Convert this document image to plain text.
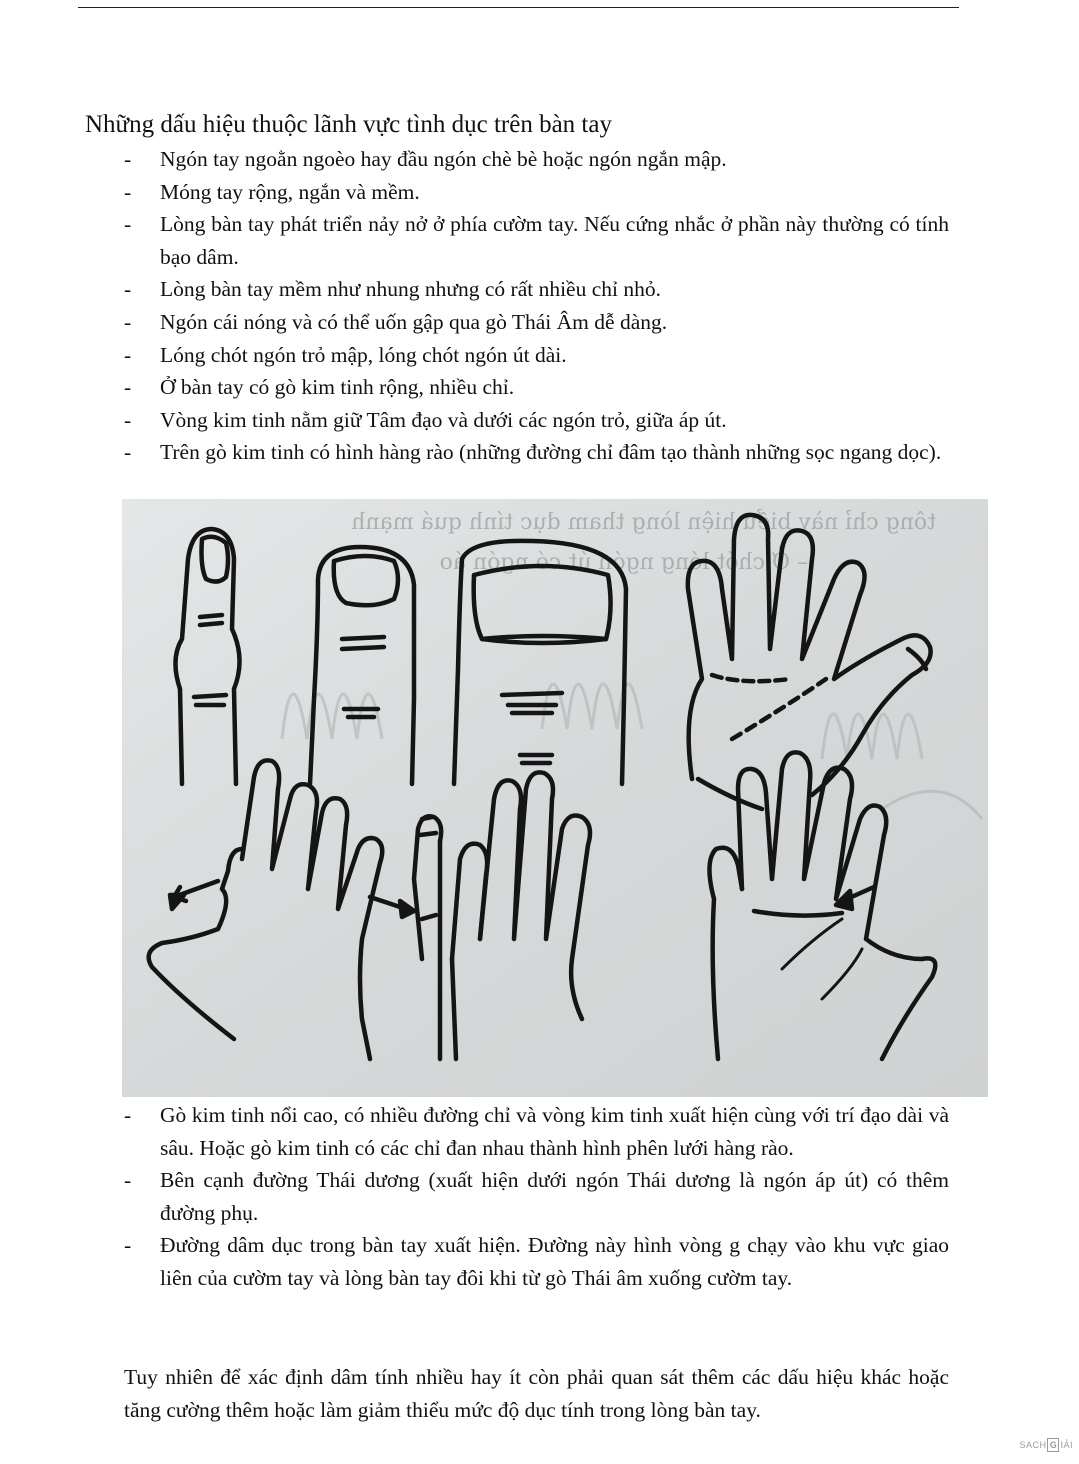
Những dấu hiệu thuộc lãnh vực tình dục trên bàn tay
- Ngón tay ngoằn ngoèo hay đầu ngón chè bè hoặc ngón ngắn mập.
- Móng tay rộng, ngắn và mềm.
- Lòng bàn tay phát triển nảy nở ở phía cườm tay. Nếu cứng nhắc ở phần này thường có tính bạo dâm.
- Lòng bàn tay mềm như nhung nhưng có rất nhiều chỉ nhỏ.
- Ngón cái nóng và có thể uốn gập qua gò Thái Âm dễ dàng.
- Lóng chót ngón trỏ mập, lóng chót ngón út dài.
- Ở bàn tay có gò kim tinh rộng, nhiều chỉ.
- Vòng kim tinh nằm giữ Tâm đạo và dưới các ngón trỏ, giữa áp út.
- Trên gò kim tinh có hình hàng rào (những đường chỉ đâm tạo thành những sọc ngang dọc).
tông chỉ này biểu hiện lòng tham dục tính quá mạnh
– Ở chót lóng ngón út có ngón áo
- Gò kim tinh nổi cao, có nhiều đường chỉ và vòng kim tinh xuất hiện cùng với trí đạo dài và sâu. Hoặc gò kim tinh có các chỉ đan nhau thành hình phên lưới hàng rào.
- Bên cạnh đường Thái dương (xuất hiện dưới ngón Thái dương là ngón áp út) có thêm đường phụ.
- Đường dâm dục trong bàn tay xuất hiện. Đường này hình vòng g chạy vào khu vực giao liên của cườm tay và lòng bàn tay đôi khi từ gò Thái âm xuống cườm tay.

Tuy nhiên để xác định dâm tính nhiều hay ít còn phải quan sát thêm các dấu hiệu khác hoặc tăng cường thêm hoặc làm giảm thiểu mức độ dục tính trong lòng bàn tay.

SACH G IẢI
